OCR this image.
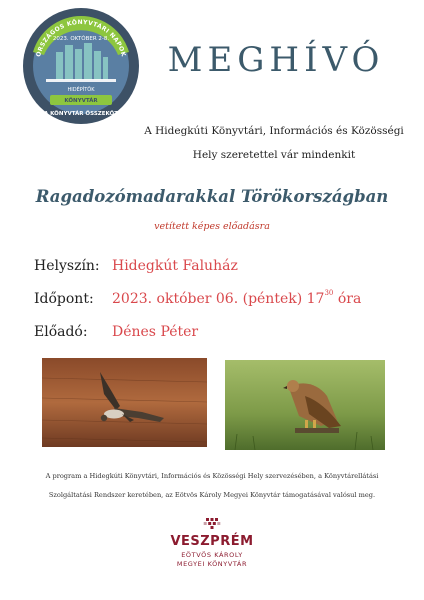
ORSZÁGOS KÖNYVTÁRI NAPOK
2023. OKTÓBER 2-8.
HIDÉPÍTŐK
KÖNYVTÁR
A KÖNYVTÁR ÖSSZEKÖT
MEGHÍVÓ
A Hidegkúti Könyvtári, Információs és Közösségi
Hely szeretettel vár mindenkit
Ragadozómadarakkal Törökországban
vetített képes előadásra
Helyszín: Hidegkút Faluház
Időpont:	2023. október 06. (péntek) $17^{30}$ óra
Előadó:	Dénes Péter
A program a Hidegkúti Könyvtári, Információs és Közösségi Hely szervezésében, a Könyvtárellátási
Szolgáltatási Rendszer keretében, az Eötvös Károly Megyei Könyvtár támogatásával valósul meg.
VESZPRÉM
EÖTVÖS KÁROLY
MEGYEI KÖNYVTÁR
